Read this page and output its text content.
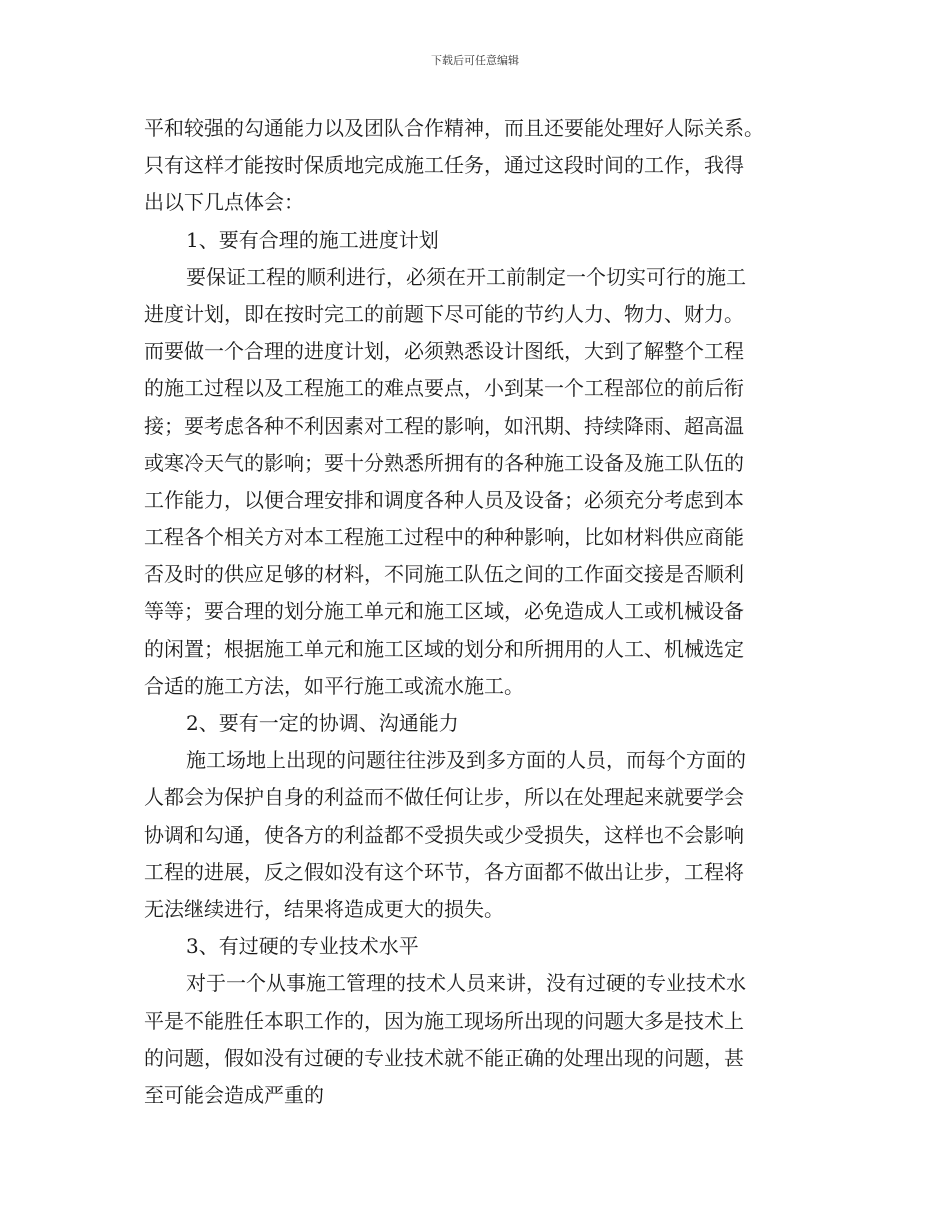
下载后可任意编辑
平和较强的勾通能力以及团队合作精神，而且还要能处理好人际关系。
只有这样才能按时保质地完成施工任务，通过这段时间的工作，我得
出以下几点体会：
1、要有合理的施工进度计划
要保证工程的顺利进行，必须在开工前制定一个切实可行的施工
进度计划，即在按时完工的前题下尽可能的节约人力、物力、财力。
而要做一个合理的进度计划，必须熟悉设计图纸，大到了解整个工程
的施工过程以及工程施工的难点要点，小到某一个工程部位的前后衔
接；要考虑各种不利因素对工程的影响，如汛期、持续降雨、超高温
或寒冷天气的影响；要十分熟悉所拥有的各种施工设备及施工队伍的
工作能力，以便合理安排和调度各种人员及设备；必须充分考虑到本
工程各个相关方对本工程施工过程中的种种影响，比如材料供应商能
否及时的供应足够的材料，不同施工队伍之间的工作面交接是否顺利
等等；要合理的划分施工单元和施工区域，必免造成人工或机械设备
的闲置；根据施工单元和施工区域的划分和所拥用的人工、机械选定
合适的施工方法，如平行施工或流水施工。
2、要有一定的协调、沟通能力
施工场地上出现的问题往往涉及到多方面的人员，而每个方面的
人都会为保护自身的利益而不做任何让步，所以在处理起来就要学会
协调和勾通，使各方的利益都不受损失或少受损失，这样也不会影响
工程的进展，反之假如没有这个环节，各方面都不做出让步，工程将
无法继续进行，结果将造成更大的损失。
3、有过硬的专业技术水平
对于一个从事施工管理的技术人员来讲，没有过硬的专业技术水
平是不能胜任本职工作的，因为施工现场所出现的问题大多是技术上
的问题，假如没有过硬的专业技术就不能正确的处理出现的问题，甚
至可能会造成严重的
